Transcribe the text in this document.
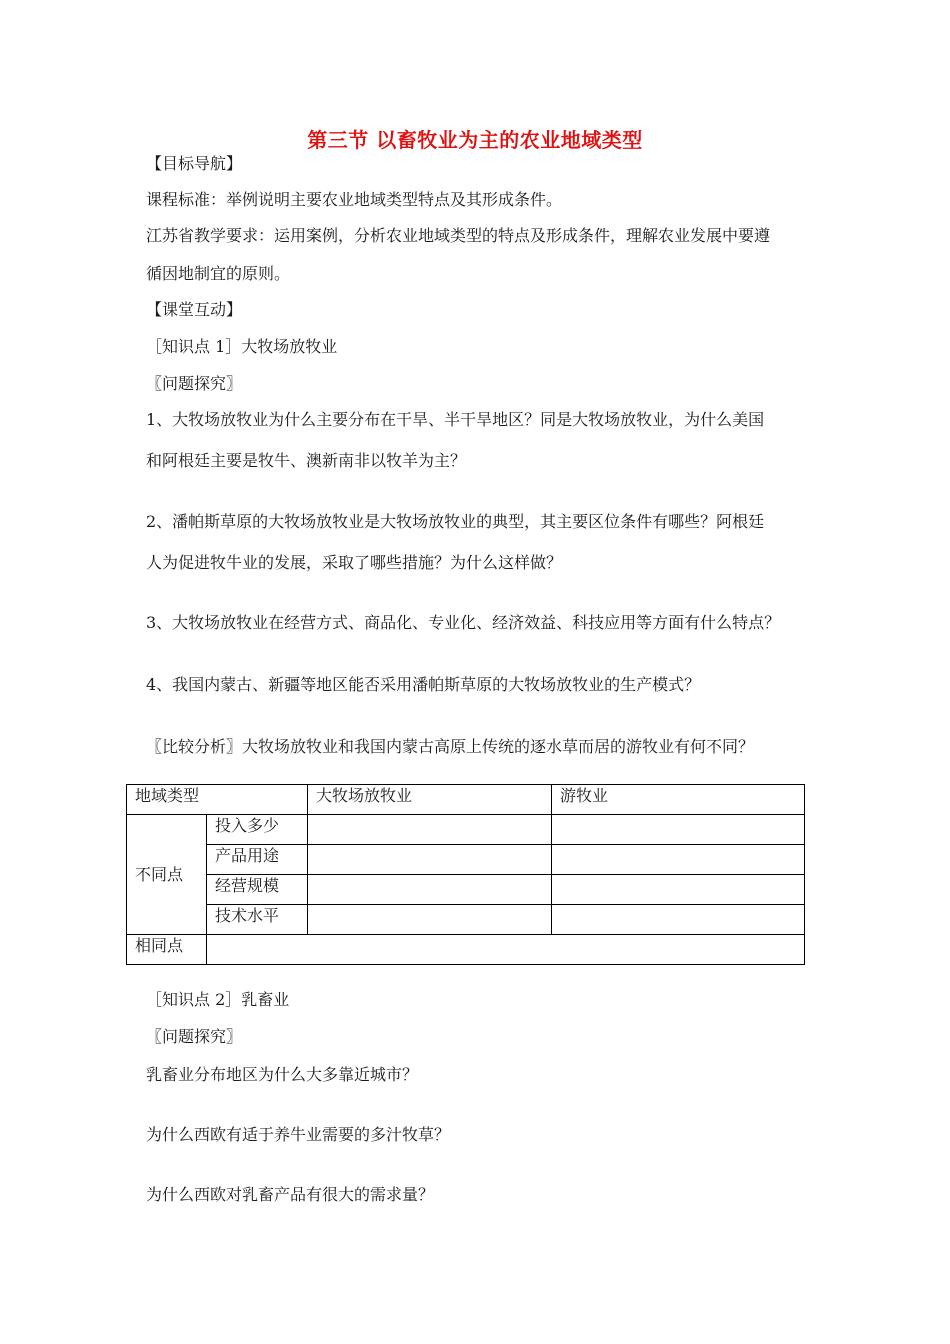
第三节 以畜牧业为主的农业地域类型
【目标导航】
课程标准：举例说明主要农业地域类型特点及其形成条件。
江苏省教学要求：运用案例，分析农业地域类型的特点及形成条件，理解农业发展中要遵
循因地制宜的原则。
【课堂互动】
［知识点 1］大牧场放牧业
〖问题探究〗
1、大牧场放牧业为什么主要分布在干旱、半干旱地区？同是大牧场放牧业，为什么美国
和阿根廷主要是牧牛、澳新南非以牧羊为主？
2、潘帕斯草原的大牧场放牧业是大牧场放牧业的典型，其主要区位条件有哪些？阿根廷
人为促进牧牛业的发展，采取了哪些措施？为什么这样做？
3、大牧场放牧业在经营方式、商品化、专业化、经济效益、科技应用等方面有什么特点？
4、我国内蒙古、新疆等地区能否采用潘帕斯草原的大牧场放牧业的生产模式？
〖比较分析〗大牧场放牧业和我国内蒙古高原上传统的逐水草而居的游牧业有何不同？
地域类型		大牧场放牧业	游牧业
不同点	投入多少		
	产品用途		
	经营规模		
	技术水平		
相同点			
［知识点 2］乳畜业
〖问题探究〗
乳畜业分布地区为什么大多靠近城市？
为什么西欧有适于养牛业需要的多汁牧草？
为什么西欧对乳畜产品有很大的需求量？
